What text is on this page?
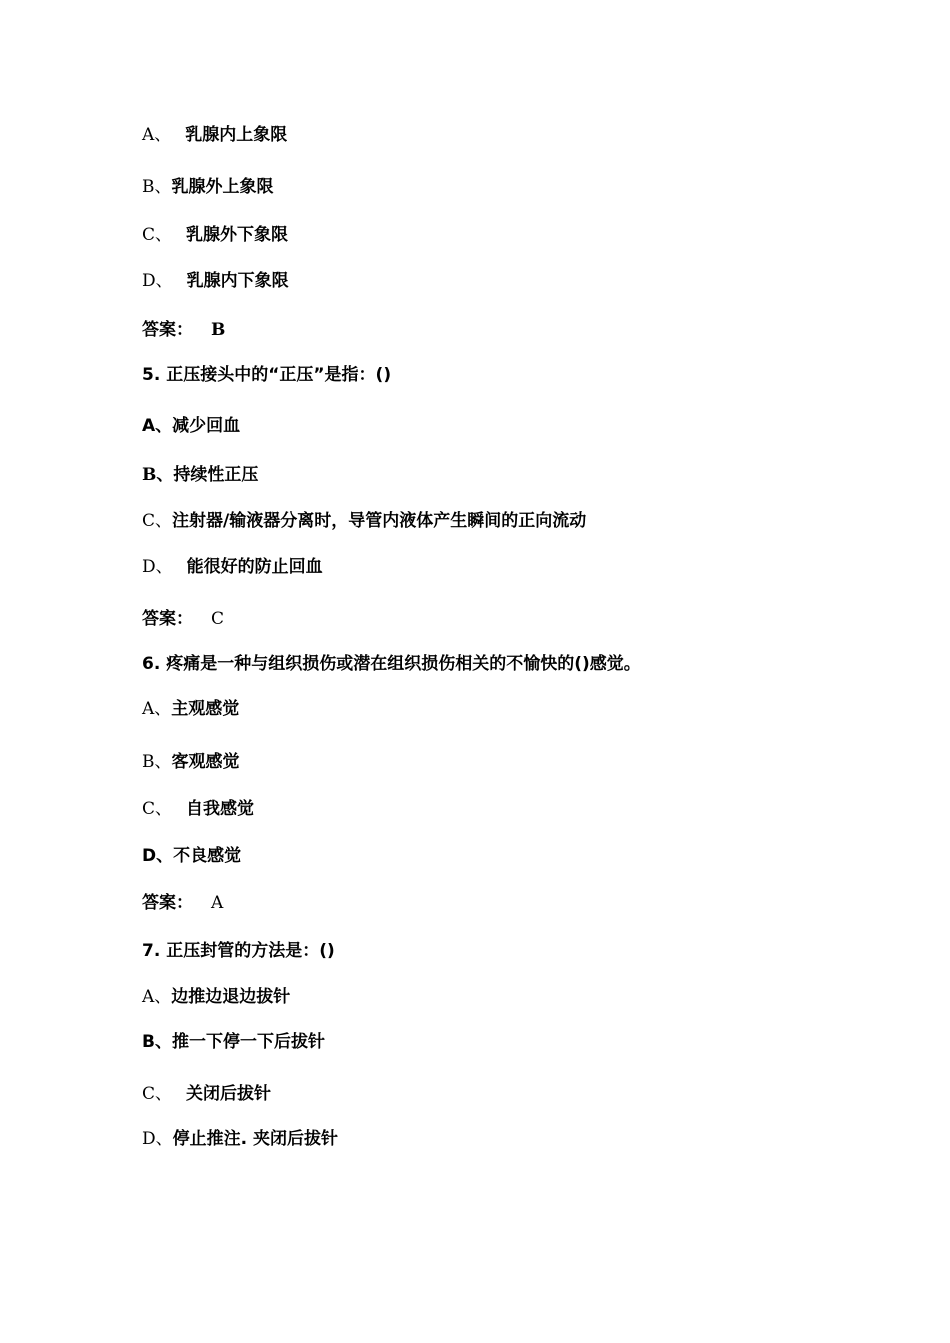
A、 乳腺内上象限
B、乳腺外上象限
C、 乳腺外下象限
D、 乳腺内下象限
答案： B
5. 正压接头中的“正压”是指：()
A、减少回血
B、持续性正压
C、注射器/输液器分离时，导管内液体产生瞬间的正向流动
D、 能很好的防止回血
答案： C
6. 疼痛是一种与组织损伤或潜在组织损伤相关的不愉快的()感觉。
A、主观感觉
B、客观感觉
C、 自我感觉
D、不良感觉
答案： A
7. 正压封管的方法是：()
A、边推边退边拔针
B、推一下停一下后拔针
C、 关闭后拔针
D、停止推注. 夹闭后拔针
